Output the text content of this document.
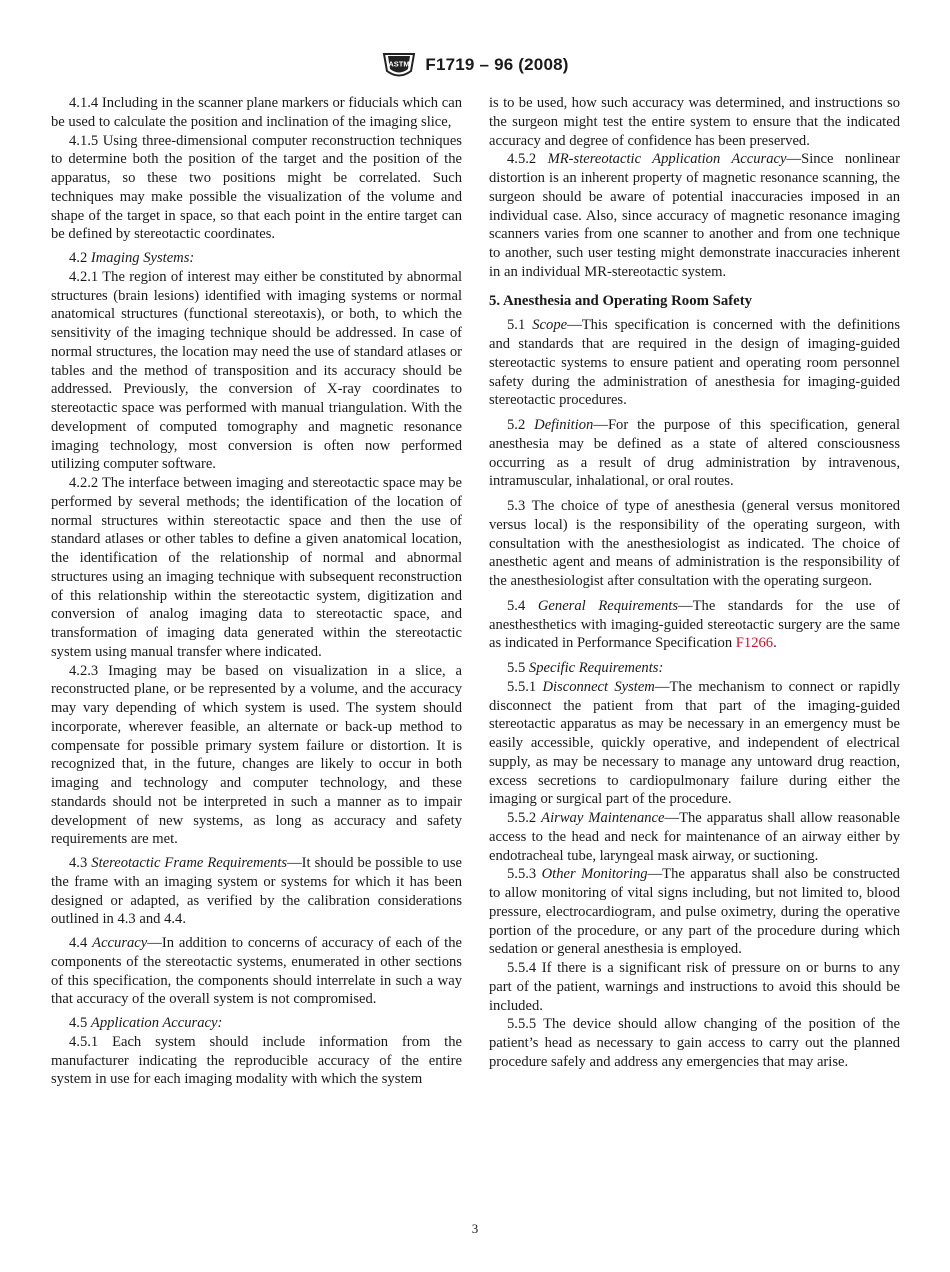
ASTM F1719 – 96 (2008)

4.1.4 Including in the scanner plane markers or fiducials which can be used to calculate the position and inclination of the imaging slice,

4.1.5 Using three-dimensional computer reconstruction techniques to determine both the position of the target and the position of the apparatus, so these two positions might be correlated. Such techniques may make possible the visualization of the volume and shape of the target in space, so that each point in the entire target can be defined by stereotactic coordinates.

4.2 Imaging Systems:

4.2.1 The region of interest may either be constituted by abnormal structures (brain lesions) identified with imaging systems or normal anatomical structures (functional stereotaxis), or both, to which the sensitivity of the imaging technique should be addressed. In case of normal structures, the location may need the use of standard atlases or tables and the method of transposition and its accuracy should be addressed. Previously, the conversion of X-ray coordinates to stereotactic space was performed with manual triangulation. With the development of computed tomography and magnetic resonance imaging technology, most conversion is often now performed utilizing computer software.

4.2.2 The interface between imaging and stereotactic space may be performed by several methods; the identification of the location of normal structures within stereotactic space and then the use of standard atlases or other tables to define a given anatomical location, the identification of the relationship of normal and abnormal structures using an imaging technique with subsequent reconstruction of this relationship within the stereotactic system, digitization and conversion of analog imaging data to stereotactic space, and transformation of imaging data generated within the stereotactic system using manual transfer where indicated.

4.2.3 Imaging may be based on visualization in a slice, a reconstructed plane, or be represented by a volume, and the accuracy may vary depending of which system is used. The system should incorporate, wherever feasible, an alternate or back-up method to compensate for possible primary system failure or distortion. It is recognized that, in the future, changes are likely to occur in both imaging and technology and computer technology, and these standards should not be interpreted in such a manner as to impair development of new systems, as long as accuracy and safety requirements are met.

4.3 Stereotactic Frame Requirements—It should be possible to use the frame with an imaging system or systems for which it has been designed or adapted, as verified by the calibration considerations outlined in 4.3 and 4.4.

4.4 Accuracy—In addition to concerns of accuracy of each of the components of the stereotactic systems, enumerated in other sections of this specification, the components should interrelate in such a way that accuracy of the overall system is not compromised.

4.5 Application Accuracy:

4.5.1 Each system should include information from the manufacturer indicating the reproducible accuracy of the entire system in use for each imaging modality with which the system

is to be used, how such accuracy was determined, and instructions so the surgeon might test the entire system to ensure that the indicated accuracy and degree of confidence has been preserved.

4.5.2 MR-stereotactic Application Accuracy—Since nonlinear distortion is an inherent property of magnetic resonance scanning, the surgeon should be aware of potential inaccuracies imposed in an individual case. Also, since accuracy of magnetic resonance imaging scanners varies from one scanner to another and from one technique to another, such user testing might demonstrate inaccuracies inherent in an individual MR-stereotactic system.

5. Anesthesia and Operating Room Safety

5.1 Scope—This specification is concerned with the definitions and standards that are required in the design of imaging-guided stereotactic systems to ensure patient and operating room personnel safety during the administration of anesthesia for imaging-guided stereotactic procedures.

5.2 Definition—For the purpose of this specification, general anesthesia may be defined as a state of altered consciousness occurring as a result of drug administration by intravenous, intramuscular, inhalational, or oral routes.

5.3 The choice of type of anesthesia (general versus monitored versus local) is the responsibility of the operating surgeon, with consultation with the anesthesiologist as indicated. The choice of anesthetic agent and means of administration is the responsibility of the anesthesiologist after consultation with the operating surgeon.

5.4 General Requirements—The standards for the use of anesthesthetics with imaging-guided stereotactic surgery are the same as indicated in Performance Specification F1266.

5.5 Specific Requirements:

5.5.1 Disconnect System—The mechanism to connect or rapidly disconnect the patient from that part of the imaging-guided stereotactic apparatus as may be necessary in an emergency must be easily accessible, quickly operative, and independent of electrical supply, as may be necessary to manage any untoward drug reaction, excess secretions to cardiopulmonary failure during either the imaging or surgical part of the procedure.

5.5.2 Airway Maintenance—The apparatus shall allow reasonable access to the head and neck for maintenance of an airway either by endotracheal tube, laryngeal mask airway, or suctioning.

5.5.3 Other Monitoring—The apparatus shall also be constructed to allow monitoring of vital signs including, but not limited to, blood pressure, electrocardiogram, and pulse oximetry, during the operative portion of the procedure, or any part of the procedure during which sedation or general anesthesia is employed.

5.5.4 If there is a significant risk of pressure on or burns to any part of the patient, warnings and instructions to avoid this should be included.

5.5.5 The device should allow changing of the position of the patient’s head as necessary to gain access to carry out the planned procedure safely and address any emergencies that may arise.

3
